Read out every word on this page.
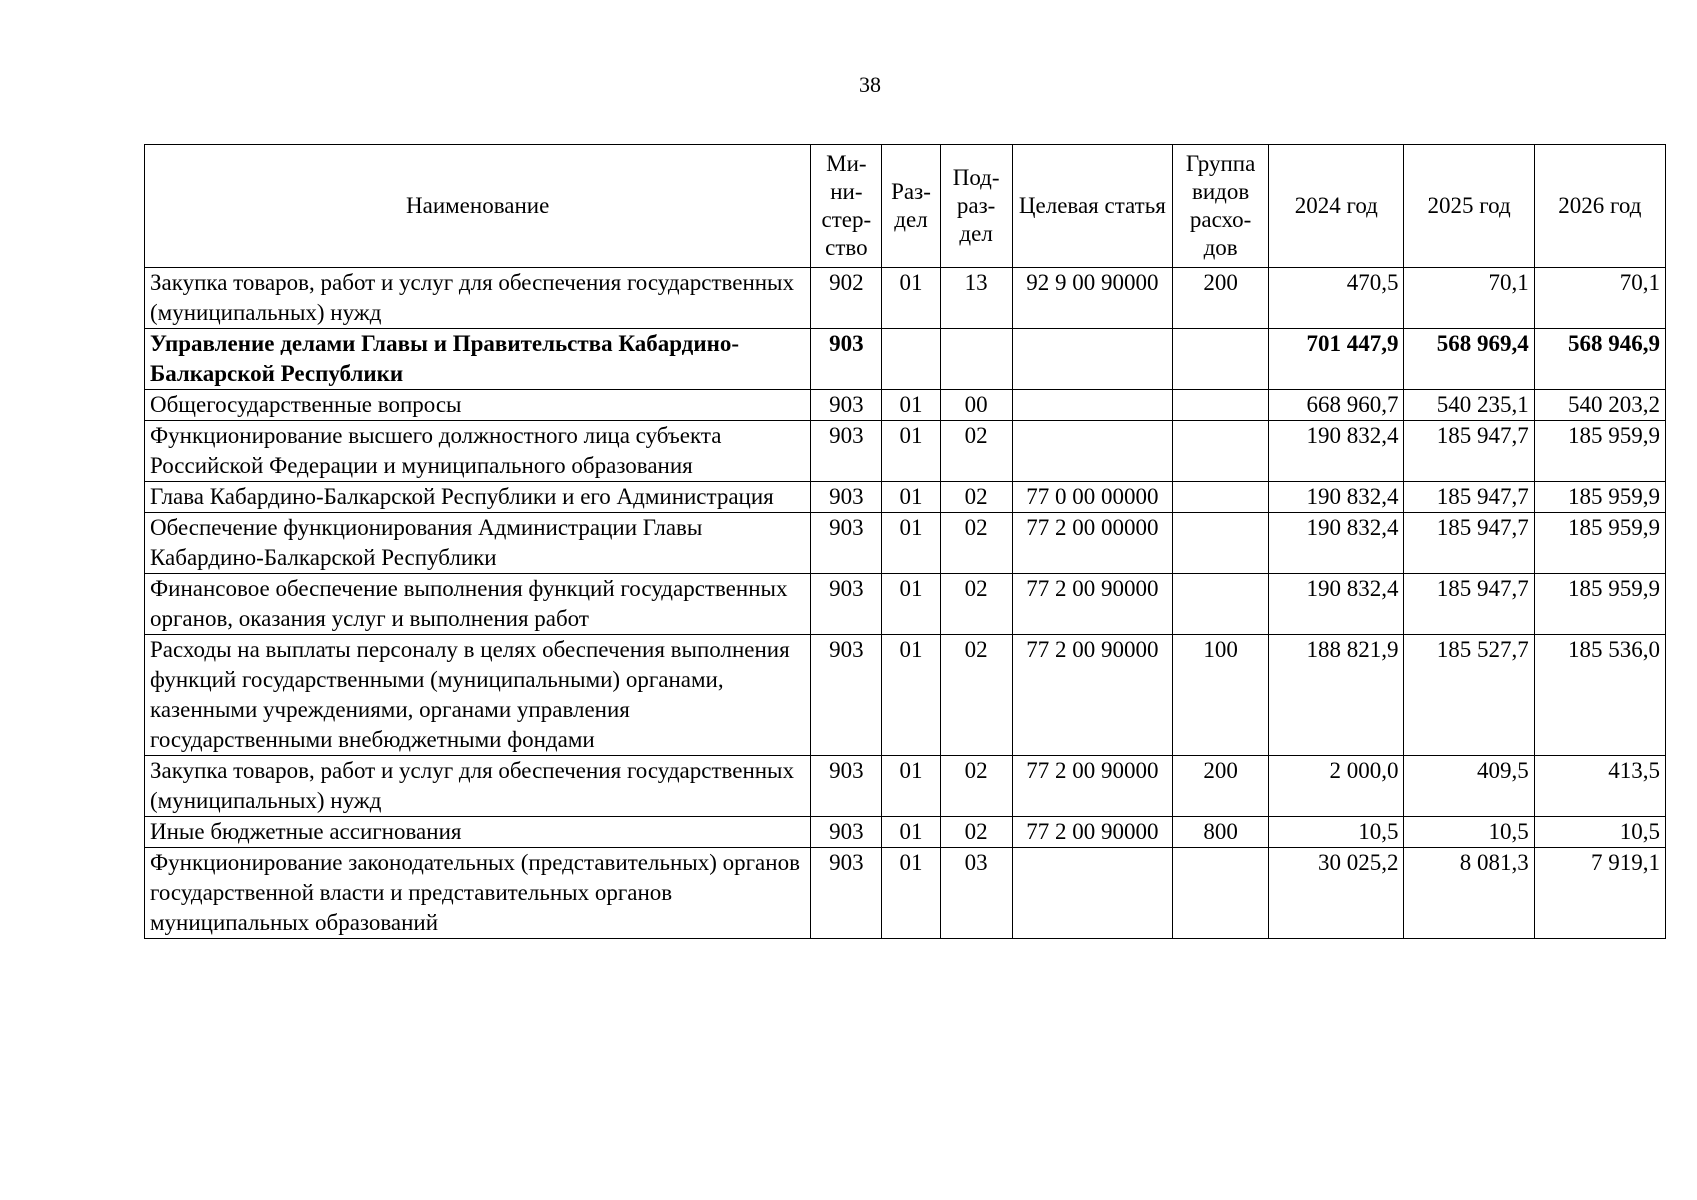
38
Наименование	Ми-ни-стер-ство	Раз-дел	Под-раз-дел	Целевая статья	Группа видов расхо-дов	2024 год	2025 год	2026 год
Закупка товаров, работ и услуг для обеспечения государственных (муниципальных) нужд	902	01	13	92 9 00 90000	200	470,5	70,1	70,1
Управление делами Главы и Правительства Кабардино-Балкарской Республики	903					701 447,9	568 969,4	568 946,9
Общегосударственные вопросы	903	01	00			668 960,7	540 235,1	540 203,2
Функционирование высшего должностного лица субъекта Российской Федерации и муниципального образования	903	01	02			190 832,4	185 947,7	185 959,9
Глава Кабардино-Балкарской Республики и его Администрация	903	01	02	77 0 00 00000		190 832,4	185 947,7	185 959,9
Обеспечение функционирования Администрации Главы Кабардино-Балкарской Республики	903	01	02	77 2 00 00000		190 832,4	185 947,7	185 959,9
Финансовое обеспечение выполнения функций государственных органов, оказания услуг и выполнения работ	903	01	02	77 2 00 90000		190 832,4	185 947,7	185 959,9
Расходы на выплаты персоналу в целях обеспечения выполнения функций государственными (муниципальными) органами, казенными учреждениями, органами управления государственными внебюджетными фондами	903	01	02	77 2 00 90000	100	188 821,9	185 527,7	185 536,0
Закупка товаров, работ и услуг для обеспечения государственных (муниципальных) нужд	903	01	02	77 2 00 90000	200	2 000,0	409,5	413,5
Иные бюджетные ассигнования	903	01	02	77 2 00 90000	800	10,5	10,5	10,5
Функционирование законодательных (представительных) органов государственной власти и представительных органов муниципальных образований	903	01	03			30 025,2	8 081,3	7 919,1
